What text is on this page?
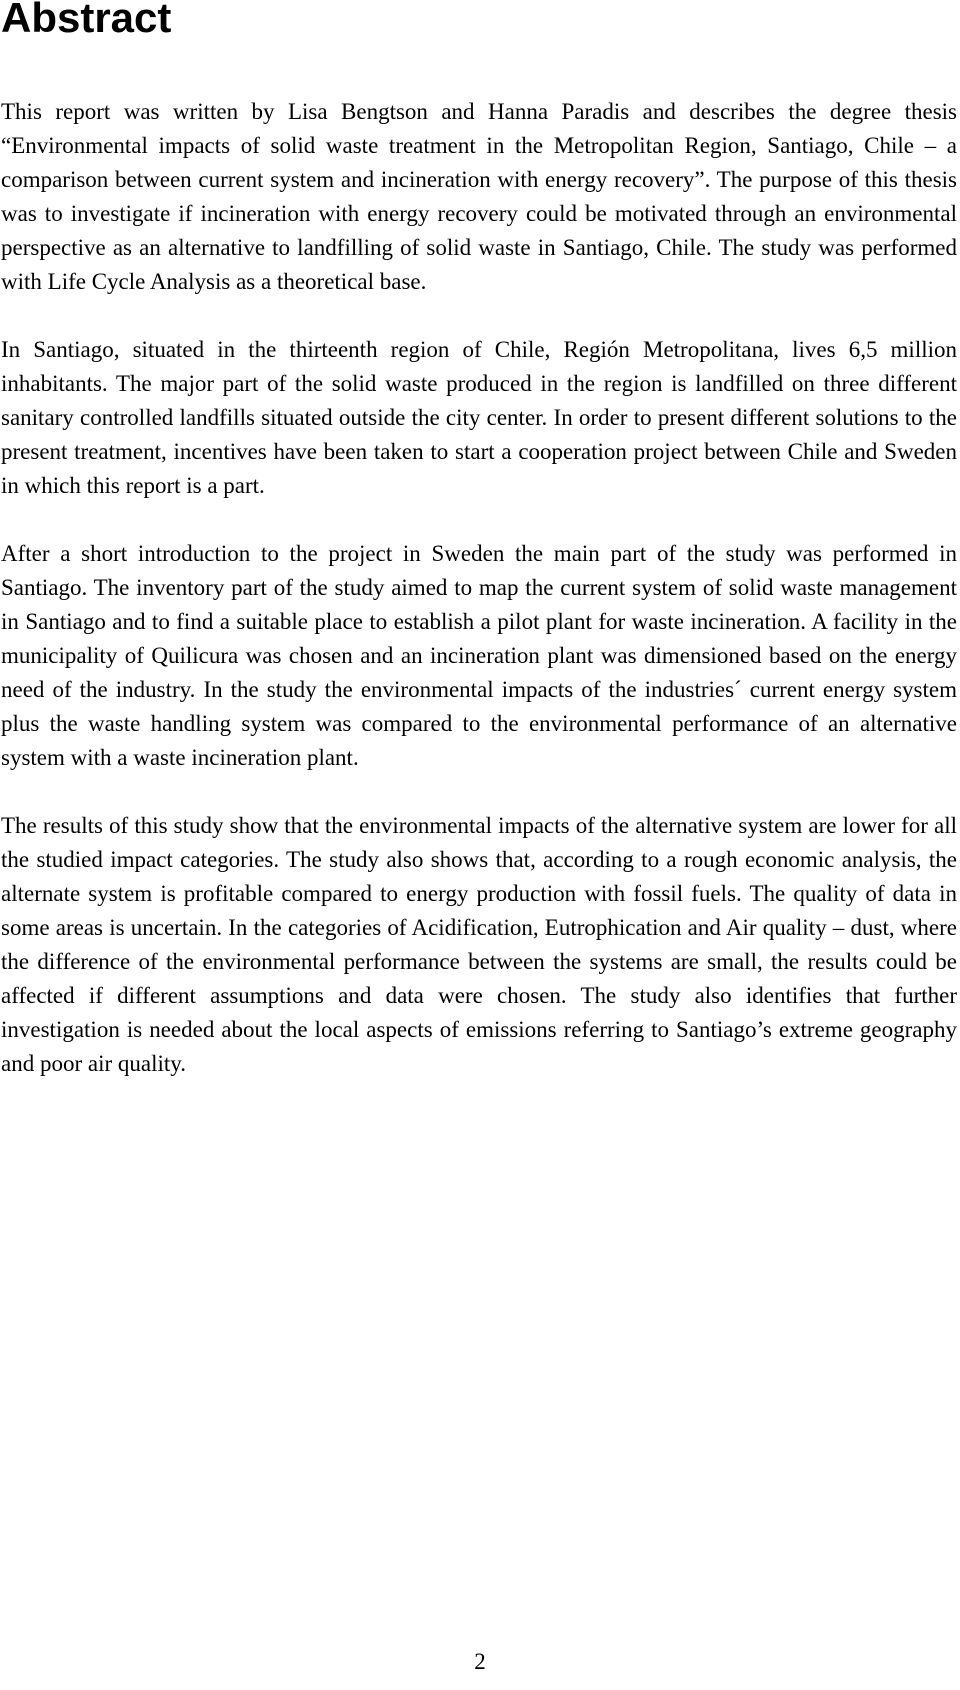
Abstract

This report was written by Lisa Bengtson and Hanna Paradis and describes the degree thesis “Environmental impacts of solid waste treatment in the Metropolitan Region, Santiago, Chile – a comparison between current system and incineration with energy recovery”. The purpose of this thesis was to investigate if incineration with energy recovery could be motivated through an environmental perspective as an alternative to landfilling of solid waste in Santiago, Chile. The study was performed with Life Cycle Analysis as a theoretical base.

In Santiago, situated in the thirteenth region of Chile, Región Metropolitana, lives 6,5 million inhabitants. The major part of the solid waste produced in the region is landfilled on three different sanitary controlled landfills situated outside the city center. In order to present different solutions to the present treatment, incentives have been taken to start a cooperation project between Chile and Sweden in which this report is a part.

After a short introduction to the project in Sweden the main part of the study was performed in Santiago. The inventory part of the study aimed to map the current system of solid waste management in Santiago and to find a suitable place to establish a pilot plant for waste incineration. A facility in the municipality of Quilicura was chosen and an incineration plant was dimensioned based on the energy need of the industry. In the study the environmental impacts of the industries´ current energy system plus the waste handling system was compared to the environmental performance of an alternative system with a waste incineration plant.

The results of this study show that the environmental impacts of the alternative system are lower for all the studied impact categories. The study also shows that, according to a rough economic analysis, the alternate system is profitable compared to energy production with fossil fuels. The quality of data in some areas is uncertain. In the categories of Acidification, Eutrophication and Air quality – dust, where the difference of the environmental performance between the systems are small, the results could be affected if different assumptions and data were chosen. The study also identifies that further investigation is needed about the local aspects of emissions referring to Santiago’s extreme geography and poor air quality.

2
